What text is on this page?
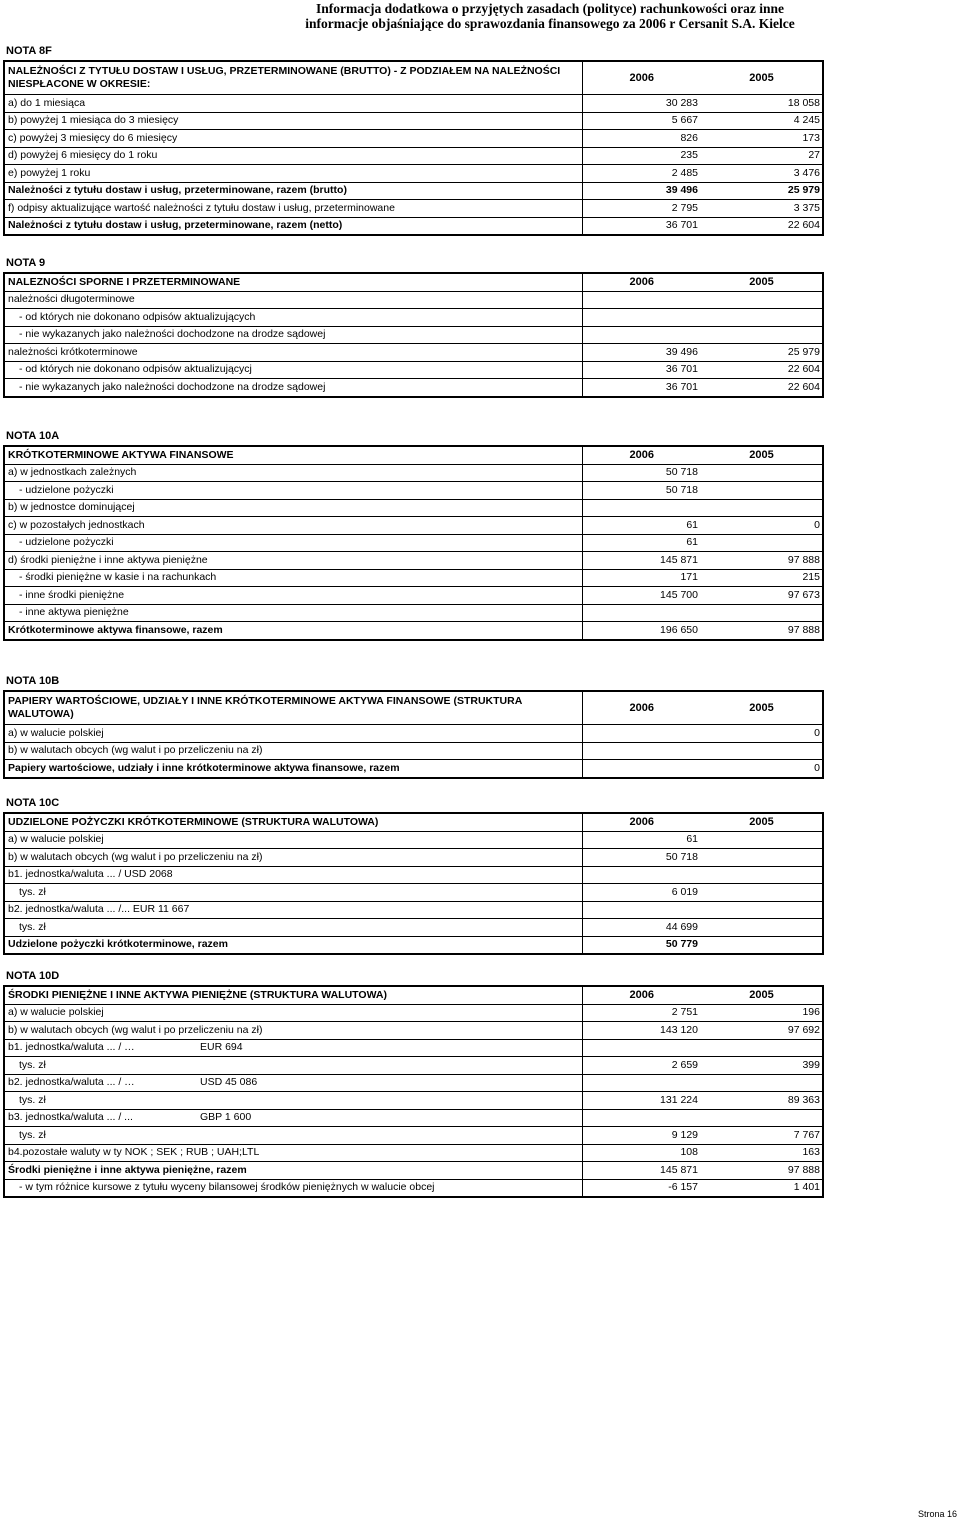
Informacja dodatkowa o przyjętych zasadach (polityce) rachunkowości oraz inne
informacje objaśniające do sprawozdania finansowego za 2006 r Cersanit S.A. Kielce
NOTA 8F
NALEŻNOŚCI Z TYTUŁU DOSTAW I USŁUG, PRZETERMINOWANE (BRUTTO) - Z PODZIAŁEM NA NALEŻNOŚCI NIESPŁACONE W OKRESIE:	2006	2005
a) do 1 miesiąca	30 283	18 058
b) powyżej 1 miesiąca do 3 miesięcy	5 667	4 245
c) powyżej 3 miesięcy do 6 miesięcy	826	173
d) powyżej 6 miesięcy do 1 roku	235	27
e) powyżej 1 roku	2 485	3 476
Należności z tytułu dostaw i usług, przeterminowane, razem (brutto)	39 496	25 979
f) odpisy aktualizujące wartość należności z tytułu dostaw i usług, przeterminowane	2 795	3 375
Należności z tytułu dostaw i usług, przeterminowane, razem (netto)	36 701	22 604
NOTA 9
NALEZNOŚCI SPORNE I PRZETERMINOWANE	2006	2005
należności długoterminowe		
- od których nie dokonano odpisów aktualizujących		
- nie wykazanych jako należności dochodzone na drodze sądowej		
należności krótkoterminowe	39 496	25 979
- od których nie dokonano odpisów aktualizującycj	36 701	22 604
- nie wykazanych jako należności dochodzone na drodze sądowej	36 701	22 604
NOTA 10A
KRÓTKOTERMINOWE AKTYWA FINANSOWE	2006	2005
a) w jednostkach zależnych	50 718	
- udzielone pożyczki	50 718	
b) w jednostce dominującej		
c) w pozostałych jednostkach	61	0
- udzielone pożyczki	61	
d) środki pieniężne i inne aktywa pieniężne	145 871	97 888
- środki pieniężne w kasie i na rachunkach	171	215
- inne środki pieniężne	145 700	97 673
- inne aktywa pieniężne		
Krótkoterminowe aktywa finansowe, razem	196 650	97 888
NOTA 10B
PAPIERY WARTOŚCIOWE, UDZIAŁY I INNE KRÓTKOTERMINOWE AKTYWA FINANSOWE (STRUKTURA WALUTOWA)	2006	2005
a) w walucie polskiej		0
b) w walutach obcych (wg walut i po przeliczeniu na zł)		
Papiery wartościowe, udziały i inne krótkoterminowe aktywa finansowe, razem		0
NOTA 10C
UDZIELONE POŻYCZKI KRÓTKOTERMINOWE (STRUKTURA WALUTOWA)	2006	2005
a) w walucie polskiej	61	
b) w walutach obcych (wg walut i po przeliczeniu na zł)	50 718	
b1. jednostka/waluta ... / USD 2068		
tys. zł	6 019	
b2. jednostka/waluta ... /... EUR 11 667		
tys. zł	44 699	
Udzielone pożyczki krótkoterminowe, razem	50 779	
NOTA 10D
ŚRODKI PIENIĘŻNE I INNE AKTYWA PIENIĘŻNE (STRUKTURA WALUTOWA)	2006	2005
a) w walucie polskiej	2 751	196
b) w walutach obcych (wg walut i po przeliczeniu na zł)	143 120	97 692
b1. jednostka/waluta ... / … EUR 694		

tys. zł	2 659	399
b2. jednostka/waluta ... / … USD 45 086		

tys. zł	131 224	89 363
b3. jednostka/waluta ... / ... GBP 1 600		

tys. zł	9 129	7 767
b4.pozostałe waluty w ty NOK ; SEK ; RUB ; UAH;LTL	108	163
Środki pieniężne i inne aktywa pieniężne, razem	145 871	97 888
- w tym różnice kursowe z tytułu wyceny bilansowej środków pieniężnych w walucie obcej	-6 157	1 401
Strona 16
